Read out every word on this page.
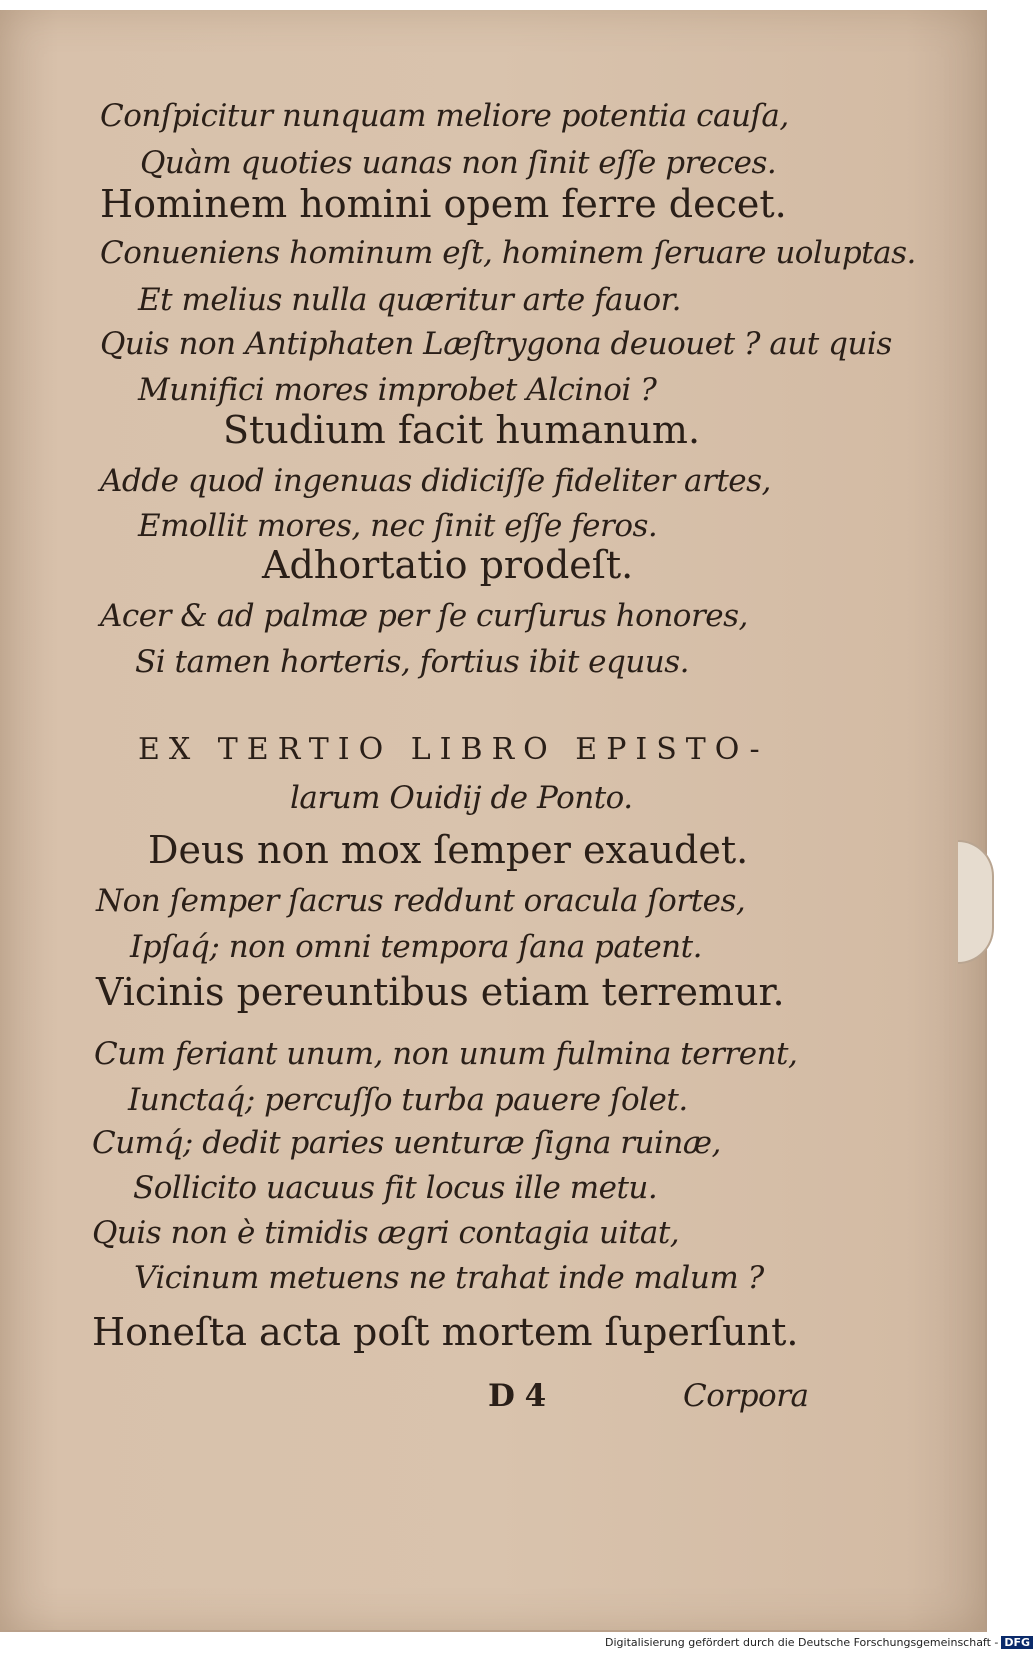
Conſpicitur nunquam meliore potentia cauſa,
Quàm quoties uanas non ſinit eſſe preces.
Hominem homini opem ferre decet.
Conueniens hominum eſt, hominem ſeruare uoluptas.
Et melius nulla quæritur arte fauor.
Quis non Antiphaten Læſtrygona deuouet ? aut quis
Munifici mores improbet Alcinoi ?
Studium facit humanum.
Adde quod ingenuas didiciſſe fideliter artes,
Emollit mores, nec ſinit eſſe feros.
Adhortatio prodeſt.
Acer & ad palmæ per ſe curſurus honores,
Si tamen horteris, fortius ibit equus.
EX TERTIO LIBRO EPISTO-
larum Ouidij de Ponto.
Deus non mox ſemper exaudet.
Non ſemper ſacrus reddunt oracula ſortes,
Ipſaq́; non omni tempora ſana patent.
Vicinis pereuntibus etiam terremur.
Cum feriant unum, non unum fulmina terrent,
Iunctaq́; percuſſo turba pauere ſolet.
Cumq́; dedit paries uenturæ ſigna ruinæ,
Sollicito uacuus fit locus ille metu.
Quis non è timidis ægri contagia uitat,
Vicinum metuens ne trahat inde malum ?
Honeſta acta poſt mortem ſuperſunt.
D 4	Corpora
Digitalisierung gefördert durch die Deutsche Forschungsgemeinschaft - DFG
